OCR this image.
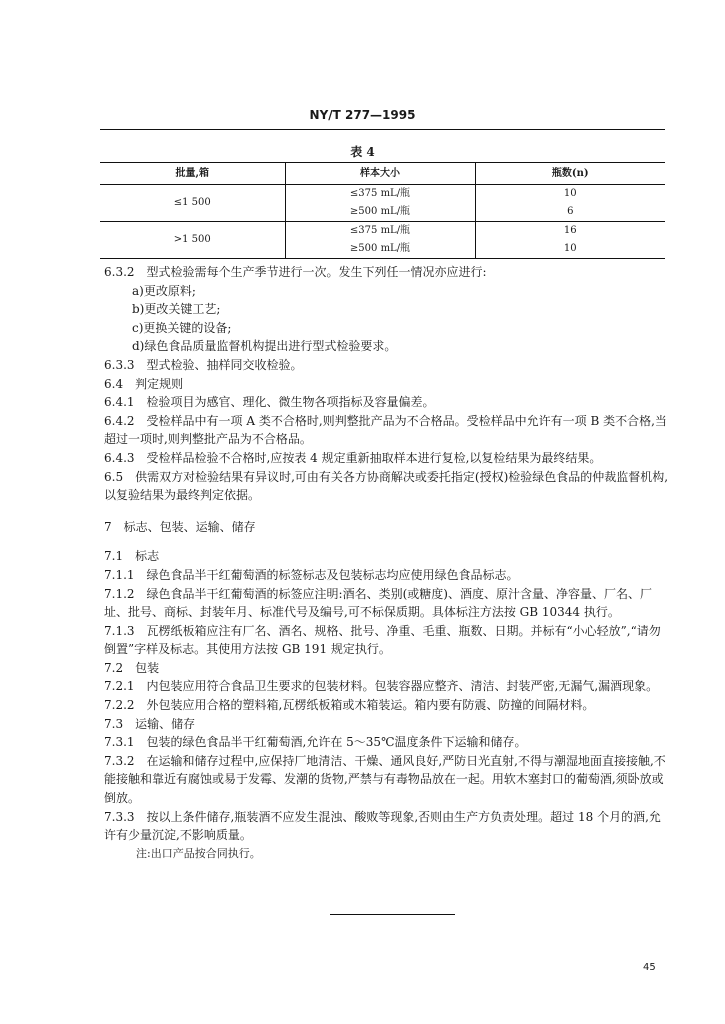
NY/T 277—1995
表 4
批量,箱	样本大小	瓶数(n)
≤1 500	≤375 mL/瓶	10
	≥500 mL/瓶	6
>1 500	≤375 mL/瓶	16
	≥500 mL/瓶	10

6.3.2　型式检验需每个生产季节进行一次。发生下列任一情况亦应进行:

a)更改原料;

b)更改关键工艺;

c)更换关键的设备;

d)绿色食品质量监督机构提出进行型式检验要求。

6.3.3　型式检验、抽样同交收检验。

6.4　判定规则

6.4.1　检验项目为感官、理化、微生物各项指标及容量偏差。

6.4.2　受检样品中有一项 A 类不合格时,则判整批产品为不合格品。受检样品中允许有一项 B 类不合格,当超过一项时,则判整批产品为不合格品。

6.4.3　受检样品检验不合格时,应按表 4 规定重新抽取样本进行复检,以复检结果为最终结果。

6.5　供需双方对检验结果有异议时,可由有关各方协商解决或委托指定(授权)检验绿色食品的仲裁监督机构,以复验结果为最终判定依据。

7　标志、包装、运输、储存

7.1　标志

7.1.1　绿色食品半干红葡萄酒的标签标志及包装标志均应使用绿色食品标志。

7.1.2　绿色食品半干红葡萄酒的标签应注明:酒名、类别(或糖度)、酒度、原汁含量、净容量、厂名、厂址、批号、商标、封装年月、标准代号及编号,可不标保质期。具体标注方法按 GB 10344 执行。

7.1.3　瓦楞纸板箱应注有厂名、酒名、规格、批号、净重、毛重、瓶数、日期。并标有“小心轻放”,“请勿倒置”字样及标志。其使用方法按 GB 191 规定执行。

7.2　包装

7.2.1　内包装应用符合食品卫生要求的包装材料。包装容器应整齐、清洁、封装严密,无漏气,漏酒现象。

7.2.2　外包装应用合格的塑料箱,瓦楞纸板箱或木箱装运。箱内要有防震、防撞的间隔材料。

7.3　运输、储存

7.3.1　包装的绿色食品半干红葡萄酒,允许在 5～35℃温度条件下运输和储存。

7.3.2　在运输和储存过程中,应保持厂地清洁、干燥、通风良好,严防日光直射,不得与潮湿地面直接接触,不能接触和靠近有腐蚀或易于发霉、发潮的货物,严禁与有毒物品放在一起。用软木塞封口的葡萄酒,须卧放或倒放。

7.3.3　按以上条件储存,瓶装酒不应发生混浊、酸败等现象,否则由生产方负责处理。超过 18 个月的酒,允许有少量沉淀,不影响质量。

注:出口产品按合同执行。

45
